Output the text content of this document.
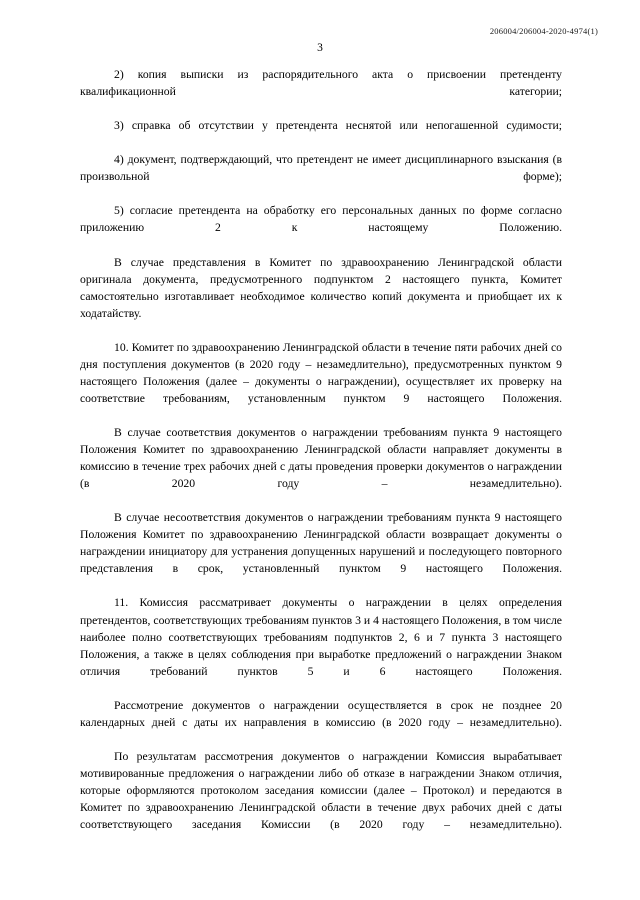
206004/206004-2020-4974(1)
3

2) копия выписки из распорядительного акта о присвоении претенденту квалификационной категории;

3) справка об отсутствии у претендента неснятой или непогашенной судимости;

4) документ, подтверждающий, что претендент не имеет дисциплинарного взыскания (в произвольной форме);

5) согласие претендента на обработку его персональных данных по форме согласно приложению 2 к настоящему Положению.

В случае представления в Комитет по здравоохранению Ленинградской области оригинала документа, предусмотренного подпунктом 2 настоящего пункта, Комитет самостоятельно изготавливает необходимое количество копий документа и приобщает их к ходатайству.

10. Комитет по здравоохранению Ленинградской области в течение пяти рабочих дней со дня поступления документов (в 2020 году – незамедлительно), предусмотренных пунктом 9 настоящего Положения (далее – документы о награждении), осуществляет их проверку на соответствие требованиям, установленным пунктом 9 настоящего Положения.

В случае соответствия документов о награждении требованиям пункта 9 настоящего Положения Комитет по здравоохранению Ленинградской области направляет документы в комиссию в течение трех рабочих дней с даты проведения проверки документов о награждении (в 2020 году – незамедлительно).

В случае несоответствия документов о награждении требованиям пункта 9 настоящего Положения Комитет по здравоохранению Ленинградской области возвращает документы о награждении инициатору для устранения допущенных нарушений и последующего повторного представления в срок, установленный пунктом 9 настоящего Положения.

11. Комиссия рассматривает документы о награждении в целях определения претендентов, соответствующих требованиям пунктов 3 и 4 настоящего Положения, в том числе наиболее полно соответствующих требованиям подпунктов 2, 6 и 7 пункта 3 настоящего Положения, а также в целях соблюдения при выработке предложений о награждении Знаком отличия требований пунктов 5 и 6 настоящего Положения.

Рассмотрение документов о награждении осуществляется в срок не позднее 20 календарных дней с даты их направления в комиссию (в 2020 году – незамедлительно).

По результатам рассмотрения документов о награждении Комиссия вырабатывает мотивированные предложения о награждении либо об отказе в награждении Знаком отличия, которые оформляются протоколом заседания комиссии (далее – Протокол) и передаются в Комитет по здравоохранению Ленинградской области в течение двух рабочих дней с даты соответствующего заседания Комиссии (в 2020 году – незамедлительно).
